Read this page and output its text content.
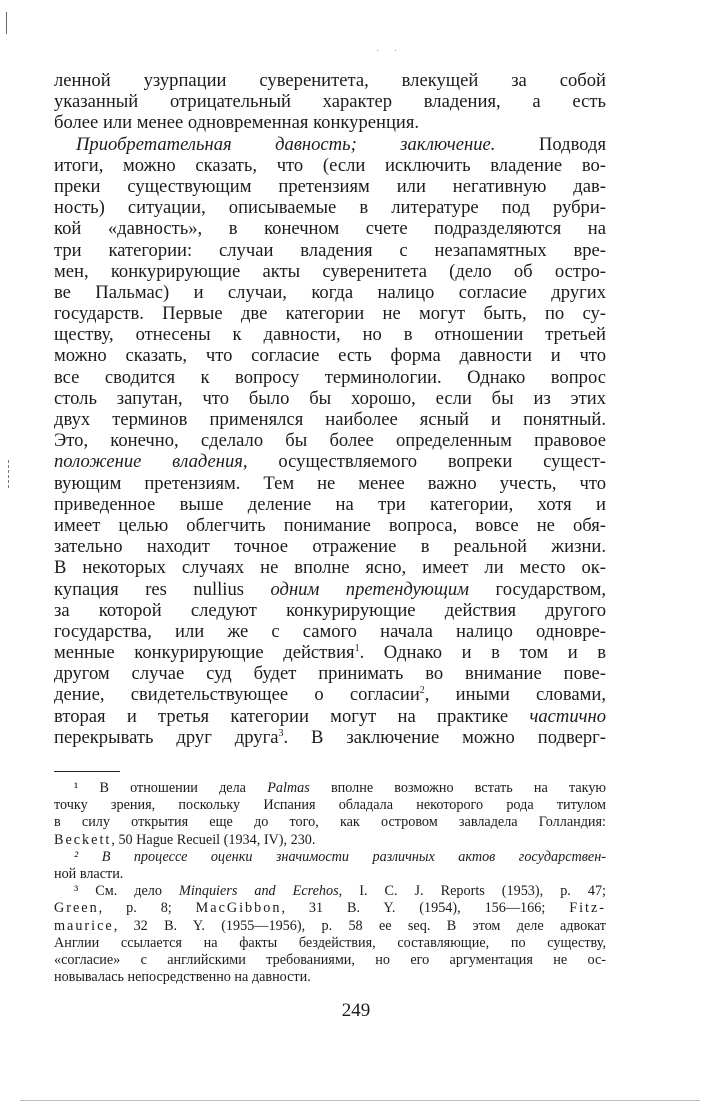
· ·
ленной узурпации суверенитета, влекущей за собой
указанный отрицательный характер владения, а есть
более или менее одновременная конкуренция.
Приобретательная давность; заключение. Подводя
итоги, можно сказать, что (если исключить владение во-
преки существующим претензиям или негативную дав-
ность) ситуации, описываемые в литературе под рубри-
кой «давность», в конечном счете подразделяются на
три категории: случаи владения с незапамятных вре-
мен, конкурирующие акты суверенитета (дело об остро-
ве Пальмас) и случаи, когда налицо согласие других
государств. Первые две категории не могут быть, по су-
ществу, отнесены к давности, но в отношении третьей
можно сказать, что согласие есть форма давности и что
все сводится к вопросу терминологии. Однако вопрос
столь запутан, что было бы хорошо, если бы из этих
двух терминов применялся наиболее ясный и понятный.
Это, конечно, сделало бы более определенным правовое
положение владения, осуществляемого вопреки сущест-
вующим претензиям. Тем не менее важно учесть, что
приведенное выше деление на три категории, хотя и
имеет целью облегчить понимание вопроса, вовсе не обя-
зательно находит точное отражение в реальной жизни.
В некоторых случаях не вполне ясно, имеет ли место ок-
купация res nullius одним претендующим государством,
за которой следуют конкурирующие действия другого
государства, или же с самого начала налицо одновре-
менные конкурирующие действия$^1$. Однако и в том и в
другом случае суд будет принимать во внимание пове-
дение, свидетельствующее о согласии$^2$, иными словами,
вторая и третья категории могут на практике частично
перекрывать друг друга$^3$. В заключение можно подверг-
¹ В отношении дела Palmas вполне возможно встать на такую
точку зрения, поскольку Испания обладала некоторого рода титулом
в силу открытия еще до того, как островом завладела Голландия:
Beckett, 50 Hague Recueil (1934, IV), 230.
² В процессе оценки значимости различных актов государствен-
ной власти.
³ См. дело Minquiers and Ecrehos, I. C. J. Reports (1953), p. 47;
Green, p. 8; MacGibbon, 31 B. Y. (1954), 156—166; Fitz-
maurice, 32 B. Y. (1955—1956), p. 58 ee seq. В этом деле адвокат
Англии ссылается на факты бездействия, составляющие, по существу,
«согласие» с английскими требованиями, но его аргументация не ос-
новывалась непосредственно на давности.
249
